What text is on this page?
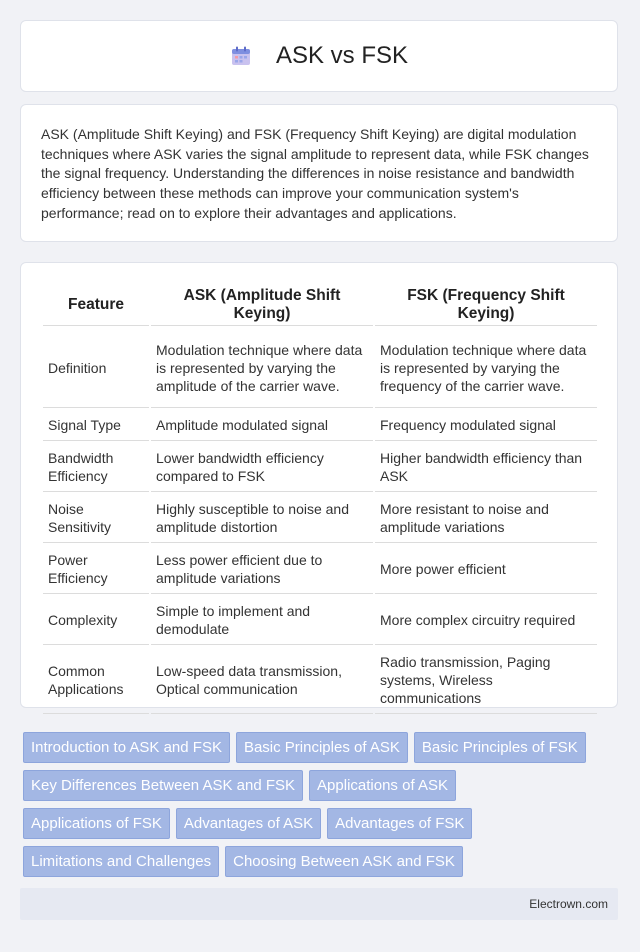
ASK vs FSK

ASK (Amplitude Shift Keying) and FSK (Frequency Shift Keying) are digital modulation techniques where ASK varies the signal amplitude to represent data, while FSK changes the signal frequency. Understanding the differences in noise resistance and bandwidth efficiency between these methods can improve your communication system's performance; read on to explore their advantages and applications.

Feature	ASK (Amplitude Shift Keying)	FSK (Frequency Shift Keying)
Definition	Modulation technique where data is represented by varying the amplitude of the carrier wave.	Modulation technique where data is represented by varying the frequency of the carrier wave.
Signal Type	Amplitude modulated signal	Frequency modulated signal
Bandwidth Efficiency	Lower bandwidth efficiency compared to FSK	Higher bandwidth efficiency than ASK
Noise Sensitivity	Highly susceptible to noise and amplitude distortion	More resistant to noise and amplitude variations
Power Efficiency	Less power efficient due to amplitude variations	More power efficient
Complexity	Simple to implement and demodulate	More complex circuitry required
Common Applications	Low-speed data transmission, Optical communication	Radio transmission, Paging systems, Wireless communications
Introduction to ASK and FSK Basic Principles of ASK Basic Principles of FSK
Key Differences Between ASK and FSK Applications of ASK
Applications of FSK Advantages of ASK Advantages of FSK
Limitations and Challenges Choosing Between ASK and FSK
Electrown.com
